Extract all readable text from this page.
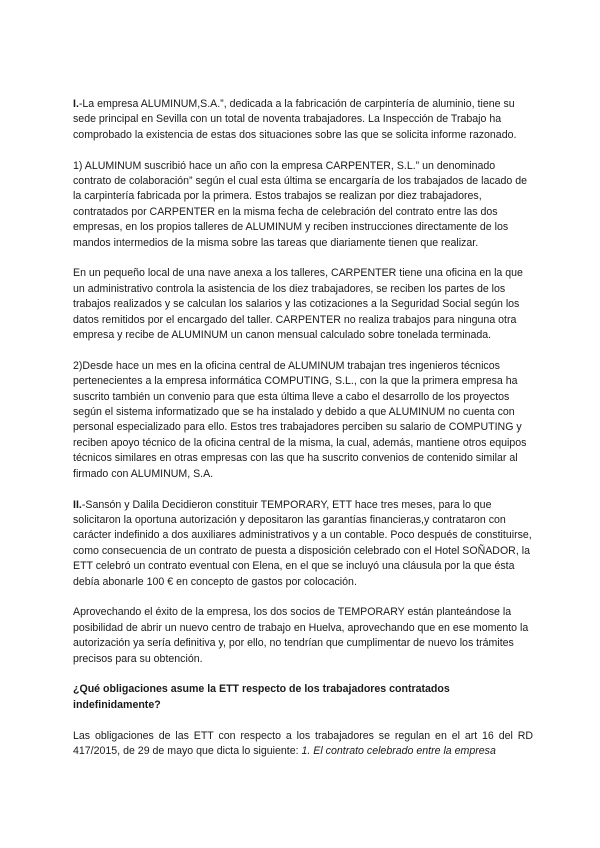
I.-La empresa ALUMINUM,S.A.”, dedicada a la fabricación de carpintería de aluminio, tiene su sede principal en Sevilla con un total de noventa trabajadores. La Inspección de Trabajo ha comprobado la existencia de estas dos situaciones sobre las que se solicita informe razonado.

1) ALUMINUM suscribió hace un año con la empresa CARPENTER, S.L.” un denominado contrato de colaboración” según el cual esta última se encargaría de los trabajados de lacado de la carpintería fabricada por la primera. Estos trabajos se realizan por diez trabajadores, contratados por CARPENTER en la misma fecha de celebración del contrato entre las dos empresas, en los propios talleres de ALUMINUM y reciben instrucciones directamente de los mandos intermedios de la misma sobre las tareas que diariamente tienen que realizar.

En un pequeño local de una nave anexa a los talleres, CARPENTER tiene una oficina en la que un administrativo controla la asistencia de los diez trabajadores, se reciben los partes de los trabajos realizados y se calculan los salarios y las cotizaciones a la Seguridad Social según los datos remitidos por el encargado del taller. CARPENTER no realiza trabajos para ninguna otra empresa y recibe de ALUMINUM un canon mensual calculado sobre tonelada terminada.

2)Desde hace un mes en la oficina central de ALUMINUM trabajan tres ingenieros técnicos pertenecientes a la empresa informática COMPUTING, S.L., con la que la primera empresa ha suscrito también un convenio para que esta última lleve a cabo el desarrollo de los proyectos según el sistema informatizado que se ha instalado y debido a que ALUMINUM no cuenta con personal especializado para ello. Estos tres trabajadores perciben su salario de COMPUTING y reciben apoyo técnico de la oficina central de la misma, la cual, además, mantiene otros equipos técnicos similares en otras empresas con las que ha suscrito convenios de contenido similar al firmado con ALUMINUM, S.A.

II.-Sansón y Dalila Decidieron constituir TEMPORARY, ETT hace tres meses, para lo que solicitaron la oportuna autorización y depositaron las garantías financieras,y contrataron con carácter indefinido a dos auxiliares administrativos y a un contable. Poco después de constituirse, como consecuencia de un contrato de puesta a disposición celebrado con el Hotel SOÑADOR, la ETT celebró un contrato eventual con Elena, en el que se incluyó una cláusula por la que ésta debía abonarle 100 € en concepto de gastos por colocación.

Aprovechando el éxito de la empresa, los dos socios de TEMPORARY están planteándose la posibilidad de abrir un nuevo centro de trabajo en Huelva, aprovechando que en ese momento la autorización ya sería definitiva y, por ello, no tendrían que cumplimentar de nuevo los trámites precisos para su obtención.

¿Qué obligaciones asume la ETT respecto de los trabajadores contratados indefinidamente?

Las obligaciones de las ETT con respecto a los trabajadores se regulan en el art 16 del RD 417/2015, de 29 de mayo que dicta lo siguiente: 1. El contrato celebrado entre la empresa
